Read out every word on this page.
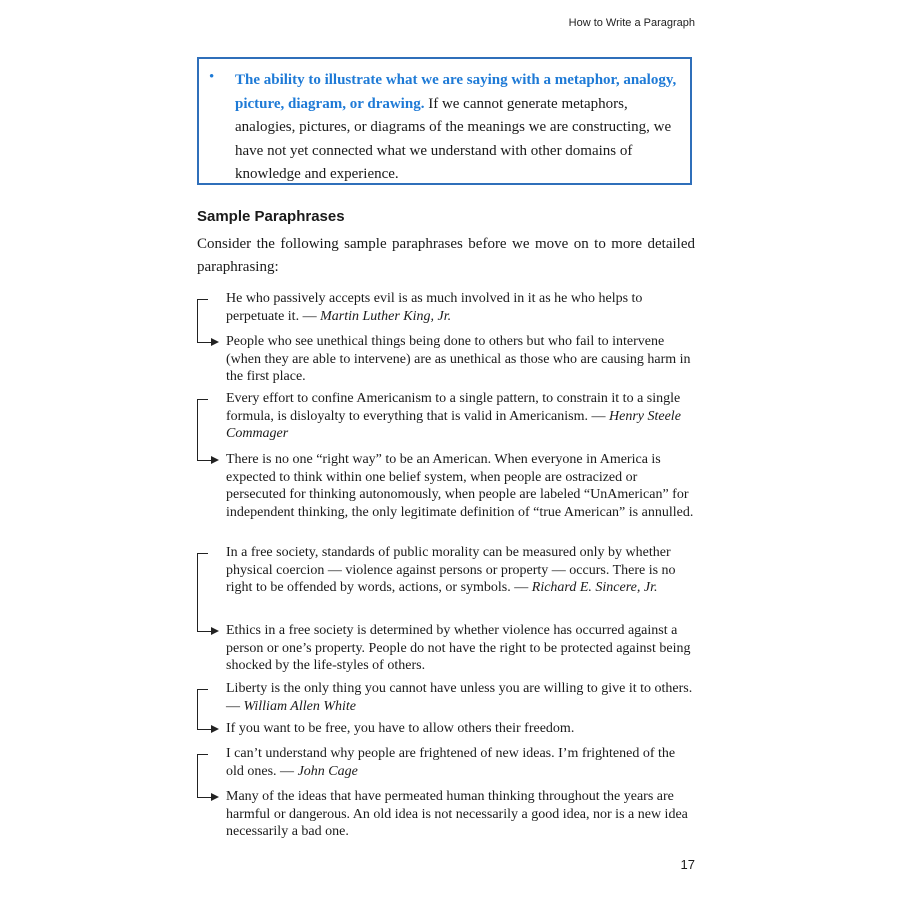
How to Write a Paragraph
• The ability to illustrate what we are saying with a metaphor, analogy, picture, diagram, or drawing. If we cannot generate metaphors, analogies, pictures, or diagrams of the meanings we are constructing, we have not yet connected what we understand with other domains of knowledge and experience.
Sample Paraphrases
Consider the following sample paraphrases before we move on to more detailed paraphrasing:
He who passively accepts evil is as much involved in it as he who helps to perpetuate it. — Martin Luther King, Jr.
People who see unethical things being done to others but who fail to intervene (when they are able to intervene) are as unethical as those who are causing harm in the first place.
Every effort to confine Americanism to a single pattern, to constrain it to a single formula, is disloyalty to everything that is valid in Americanism. — Henry Steele Commager
There is no one “right way” to be an American. When everyone in America is expected to think within one belief system, when people are ostracized or persecuted for thinking autonomously, when people are labeled “UnAmerican” for independent thinking, the only legitimate definition of “true American” is annulled.
In a free society, standards of public morality can be measured only by whether physical coercion — violence against persons or property — occurs. There is no right to be offended by words, actions, or symbols. — Richard E. Sincere, Jr.
Ethics in a free society is determined by whether violence has occurred against a person or one’s property. People do not have the right to be protected against being shocked by the life-styles of others.
Liberty is the only thing you cannot have unless you are willing to give it to others. — William Allen White
If you want to be free, you have to allow others their freedom.
I can’t understand why people are frightened of new ideas. I’m frightened of the old ones. — John Cage
Many of the ideas that have permeated human thinking throughout the years are harmful or dangerous. An old idea is not necessarily a good idea, nor is a new idea necessarily a bad one.
17
